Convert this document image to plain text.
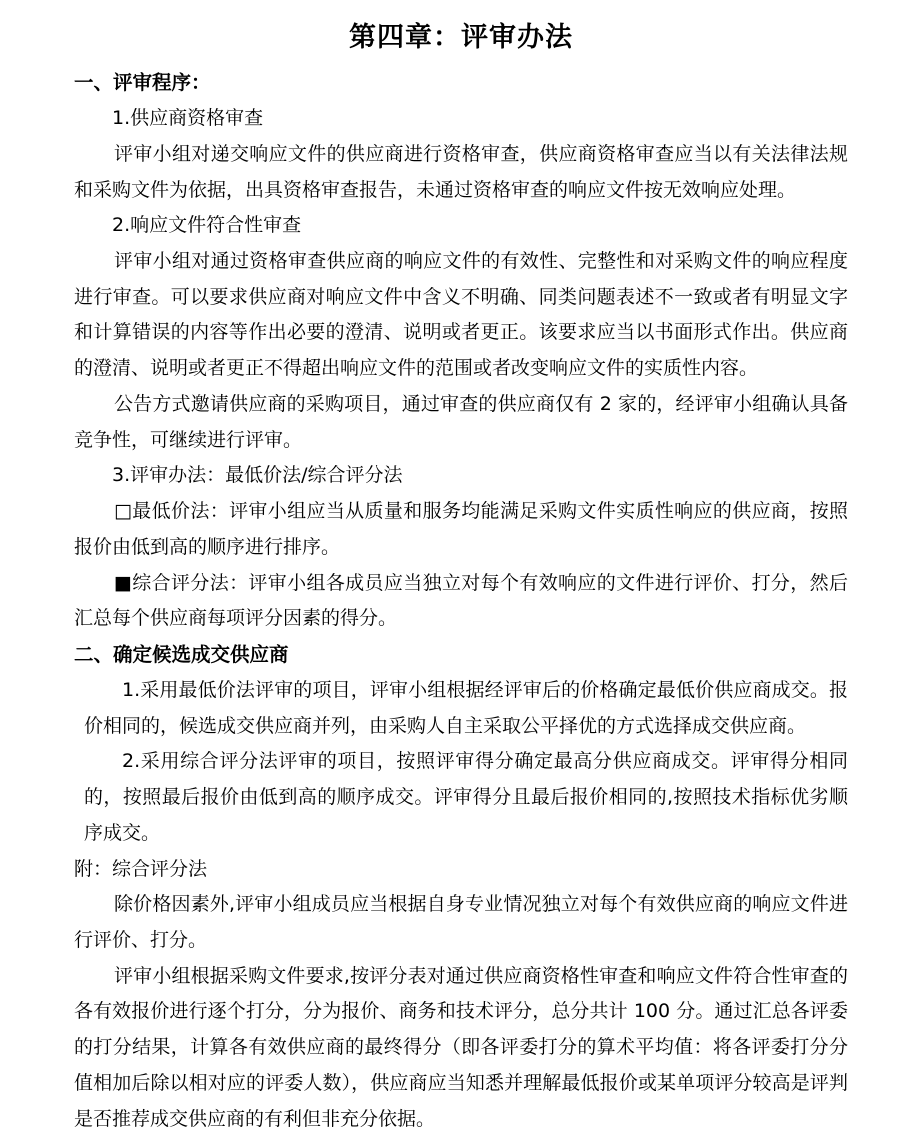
第四章：评审办法

一、评审程序：

1.供应商资格审查

评审小组对递交响应文件的供应商进行资格审查，供应商资格审查应当以有关法律法规和采购文件为依据，出具资格审查报告，未通过资格审查的响应文件按无效响应处理。

2.响应文件符合性审查

评审小组对通过资格审查供应商的响应文件的有效性、完整性和对采购文件的响应程度进行审查。可以要求供应商对响应文件中含义不明确、同类问题表述不一致或者有明显文字和计算错误的内容等作出必要的澄清、说明或者更正。该要求应当以书面形式作出。供应商的澄清、说明或者更正不得超出响应文件的范围或者改变响应文件的实质性内容。

公告方式邀请供应商的采购项目，通过审查的供应商仅有 2 家的，经评审小组确认具备竞争性，可继续进行评审。

3.评审办法：最低价法/综合评分法

□最低价法：评审小组应当从质量和服务均能满足采购文件实质性响应的供应商，按照报价由低到高的顺序进行排序。

■综合评分法：评审小组各成员应当独立对每个有效响应的文件进行评价、打分，然后汇总每个供应商每项评分因素的得分。

二、确定候选成交供应商

1.采用最低价法评审的项目，评审小组根据经评审后的价格确定最低价供应商成交。报价相同的，候选成交供应商并列，由采购人自主采取公平择优的方式选择成交供应商。

2.采用综合评分法评审的项目，按照评审得分确定最高分供应商成交。评审得分相同的，按照最后报价由低到高的顺序成交。评审得分且最后报价相同的,按照技术指标优劣顺序成交。

附：综合评分法

除价格因素外,评审小组成员应当根据自身专业情况独立对每个有效供应商的响应文件进行评价、打分。

评审小组根据采购文件要求,按评分表对通过供应商资格性审查和响应文件符合性审查的各有效报价进行逐个打分，分为报价、商务和技术评分，总分共计 100 分。通过汇总各评委的打分结果，计算各有效供应商的最终得分（即各评委打分的算术平均值：将各评委打分分值相加后除以相对应的评委人数），供应商应当知悉并理解最低报价或某单项评分较高是评判是否推荐成交供应商的有利但非充分依据。
